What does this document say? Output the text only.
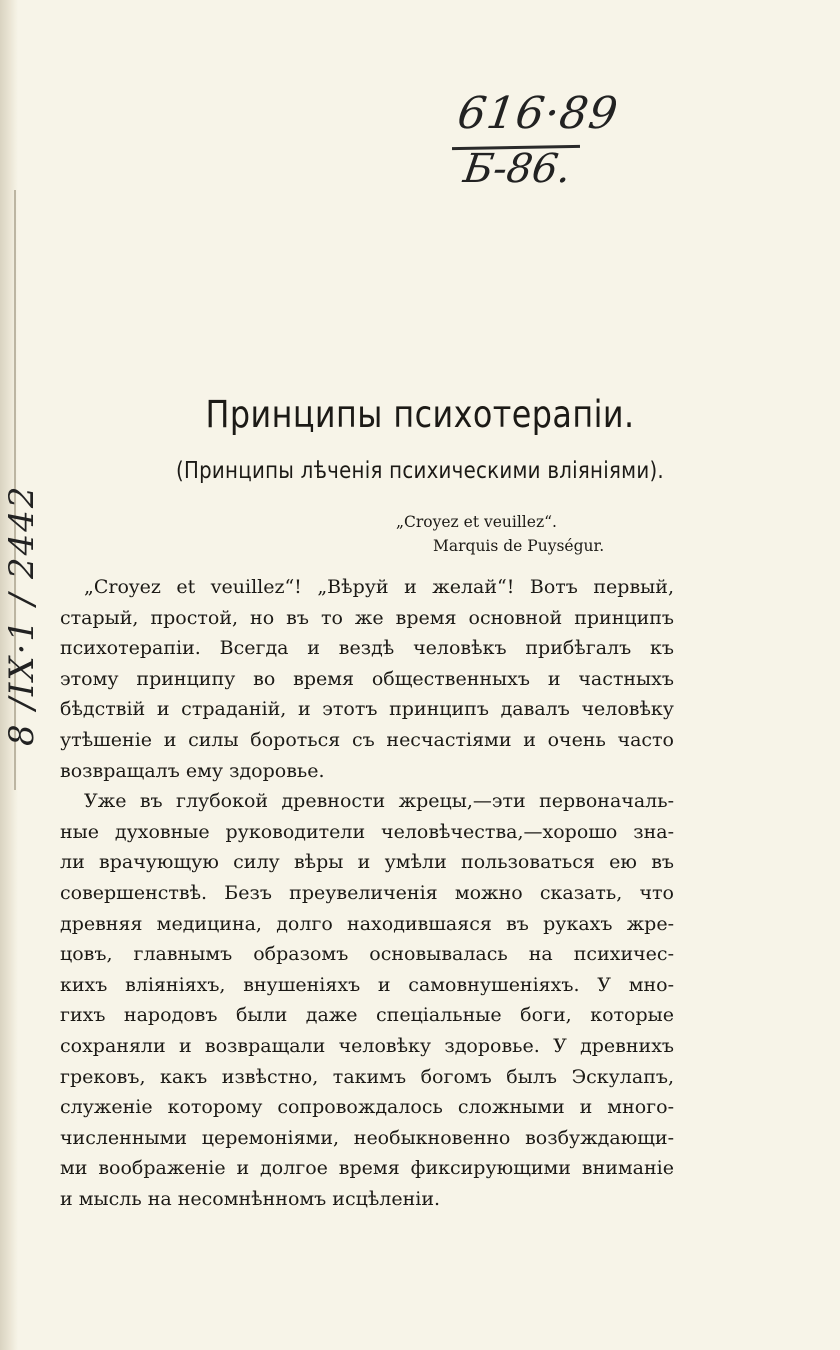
616·89
Б-86.
8 /IX·1 / 2442
Принципы психотерапіи.
(Принципы лѣченія психическими вліяніями).
„Croyez et veuillez“.
Marquis de Puységur.
„Croyez et veuillez“! „Вѣруй и желай“! Вотъ первый,
старый, простой, но въ то же время основной принципъ
психотерапіи. Всегда и вездѣ человѣкъ прибѣгалъ къ
этому принципу во время общественныхъ и частныхъ
бѣдствій и страданій, и этотъ принципъ давалъ человѣку
утѣшеніе и силы бороться съ несчастіями и очень часто
возвращалъ ему здоровье.
Уже въ глубокой древности жрецы,—эти первоначаль-
ные духовные руководители человѣчества,—хорошо зна-
ли врачующую силу вѣры и умѣли пользоваться ею въ
совершенствѣ. Безъ преувеличенія можно сказать, что
древняя медицина, долго находившаяся въ рукахъ жре-
цовъ, главнымъ образомъ основывалась на психичес-
кихъ вліяніяхъ, внушеніяхъ и самовнушеніяхъ. У мно-
гихъ народовъ были даже спеціальные боги, которые
сохраняли и возвращали человѣку здоровье. У древнихъ
грековъ, какъ извѣстно, такимъ богомъ былъ Эскулапъ,
служеніе которому сопровождалось сложными и много-
численными церемоніями, необыкновенно возбуждающи-
ми воображеніе и долгое время фиксирующими вниманіе
и мысль на несомнѣнномъ исцѣленіи.
